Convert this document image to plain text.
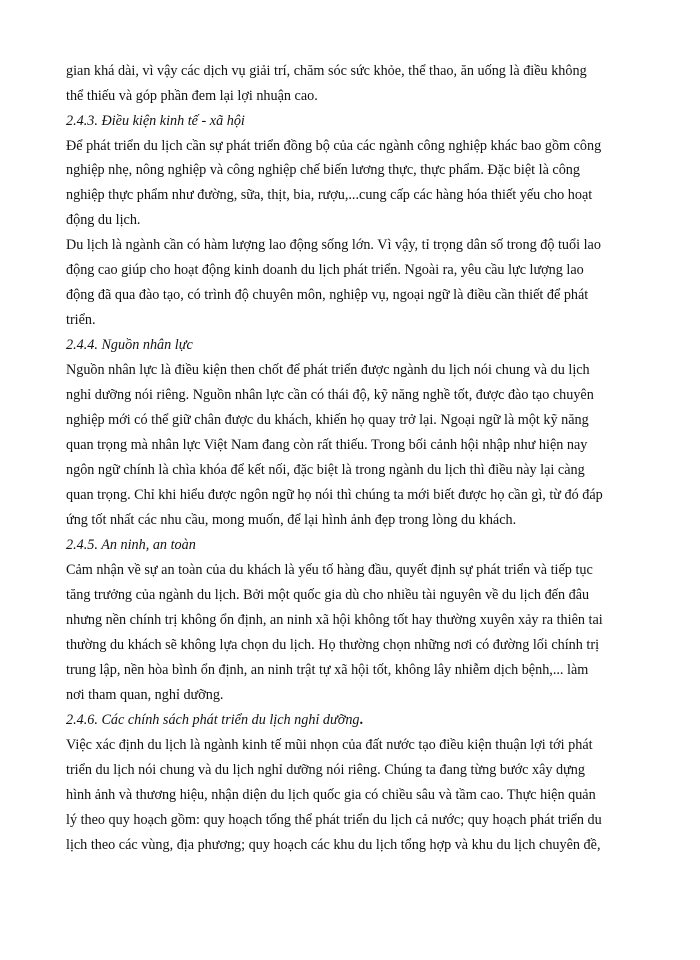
gian khá dài, vì vậy các dịch vụ giải trí, chăm sóc sức khỏe, thể thao, ăn uống là điều không
thể thiếu và góp phần đem lại lợi nhuận cao.
2.4.3. Điều kiện kinh tế - xã hội
Để phát triển du lịch cần sự phát triển đồng bộ của các ngành công nghiệp khác bao gồm công
nghiệp nhẹ, nông nghiệp và công nghiệp chế biến lương thực, thực phẩm. Đặc biệt là công
nghiệp thực phẩm như đường, sữa, thịt, bia, rượu,...cung cấp các hàng hóa thiết yếu cho hoạt
động du lịch.
Du lịch là ngành cần có hàm lượng lao động sống lớn. Vì vậy, tỉ trọng dân số trong độ tuổi lao
động cao giúp cho hoạt động kinh doanh du lịch phát triển. Ngoài ra, yêu cầu lực lượng lao
động đã qua đào tạo, có trình độ chuyên môn, nghiệp vụ, ngoại ngữ là điều cần thiết để phát
triển.
2.4.4. Nguồn nhân lực
Nguồn nhân lực là điều kiện then chốt để phát triển được ngành du lịch nói chung và du lịch
nghỉ dưỡng nói riêng. Nguồn nhân lực cần có thái độ, kỹ năng nghề tốt, được đào tạo chuyên
nghiệp mới có thể giữ chân được du khách, khiến họ quay trở lại. Ngoại ngữ là một kỹ năng
quan trọng mà nhân lực Việt Nam đang còn rất thiếu. Trong bối cảnh hội nhập như hiện nay
ngôn ngữ chính là chìa khóa để kết nối, đặc biệt là trong ngành du lịch thì điều này lại càng
quan trọng. Chỉ khi hiểu được ngôn ngữ họ nói thì chúng ta mới biết được họ cần gì, từ đó đáp
ứng tốt nhất các nhu cầu, mong muốn, để lại hình ảnh đẹp trong lòng du khách.
2.4.5. An ninh, an toàn
Cảm nhận về sự an toàn của du khách là yếu tố hàng đầu, quyết định sự phát triển và tiếp tục
tăng trưởng của ngành du lịch. Bởi một quốc gia dù cho nhiều tài nguyên về du lịch đến đâu
nhưng nền chính trị không ổn định, an ninh xã hội không tốt hay thường xuyên xảy ra thiên tai
thường du khách sẽ không lựa chọn du lịch. Họ thường chọn những nơi có đường lối chính trị
trung lập, nền hòa bình ổn định, an ninh trật tự xã hội tốt, không lây nhiễm dịch bệnh,... làm
nơi tham quan, nghỉ dưỡng.
2.4.6. Các chính sách phát triển du lịch nghỉ dưỡng.
Việc xác định du lịch là ngành kinh tế mũi nhọn của đất nước tạo điều kiện thuận lợi tới phát
triển du lịch nói chung và du lịch nghỉ dưỡng nói riêng. Chúng ta đang từng bước xây dựng
hình ảnh và thương hiệu, nhận diện du lịch quốc gia có chiều sâu và tầm cao. Thực hiện quản
lý theo quy hoạch gồm: quy hoạch tổng thể phát triển du lịch cả nước; quy hoạch phát triển du
lịch theo các vùng, địa phương; quy hoạch các khu du lịch tổng hợp và khu du lịch chuyên đề,
